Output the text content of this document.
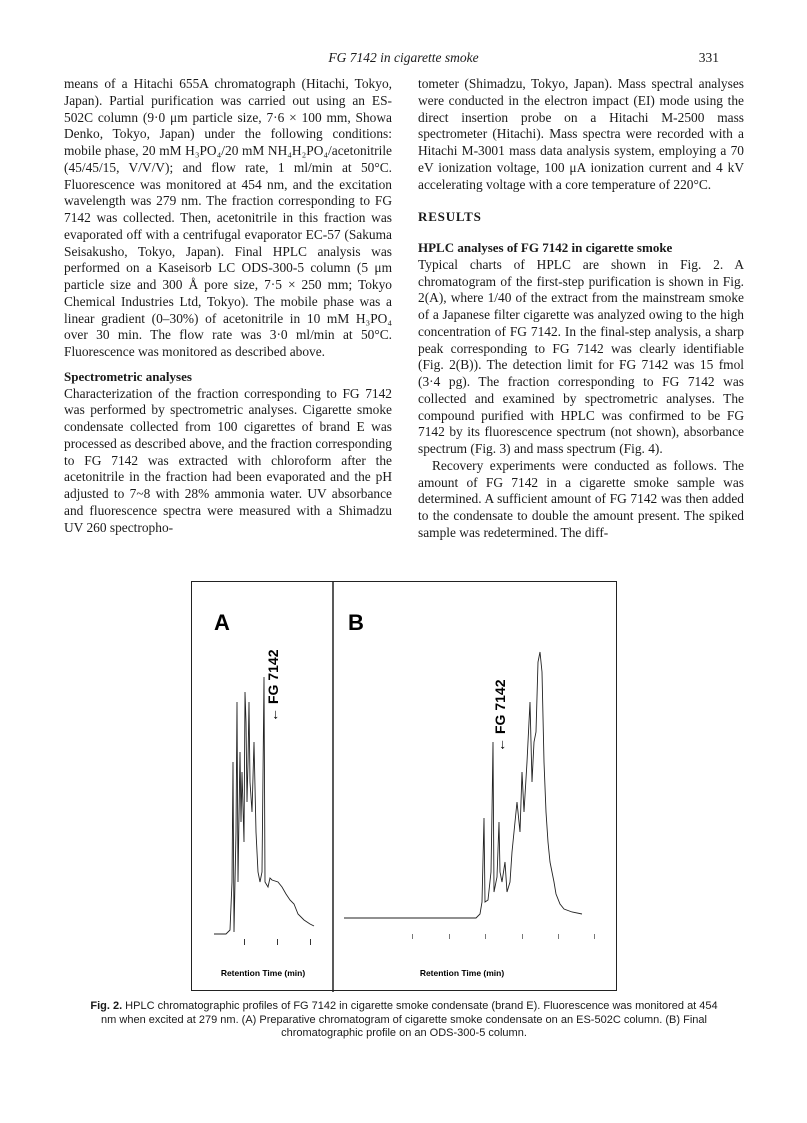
FG 7142 in cigarette smoke	331

means of a Hitachi 655A chromatograph (Hitachi, Tokyo, Japan). Partial purification was carried out using an ES-502C column (9·0 μm particle size, 7·6 × 100 mm, Showa Denko, Tokyo, Japan) under the following conditions: mobile phase, 20 mM H₃PO₄/20 mM NH₄H₂PO₄/acetonitrile (45/45/15, V/V/V); and flow rate, 1 ml/min at 50°C. Fluorescence was monitored at 454 nm, and the excitation wavelength was 279 nm. The fraction corresponding to FG 7142 was collected. Then, acetonitrile in this fraction was evaporated off with a centrifugal evaporator EC-57 (Sakuma Seisakusho, Tokyo, Japan). Final HPLC analysis was performed on a Kaseisorb LC ODS-300-5 column (5 μm particle size and 300 Å pore size, 7·5 × 250 mm; Tokyo Chemical Industries Ltd, Tokyo). The mobile phase was a linear gradient (0–30%) of acetonitrile in 10 mM H₃PO₄ over 30 min. The flow rate was 3·0 ml/min at 50°C. Fluorescence was monitored as described above.

Spectrometric analyses

Characterization of the fraction corresponding to FG 7142 was performed by spectrometric analyses. Cigarette smoke condensate collected from 100 cigarettes of brand E was processed as described above, and the fraction corresponding to FG 7142 was extracted with chloroform after the acetonitrile in the fraction had been evaporated and the pH adjusted to 7~8 with 28% ammonia water. UV absorbance and fluorescence spectra were measured with a Shimadzu UV 260 spectropho-

tometer (Shimadzu, Tokyo, Japan). Mass spectral analyses were conducted in the electron impact (EI) mode using the direct insertion probe on a Hitachi M-2500 mass spectrometer (Hitachi). Mass spectra were recorded with a Hitachi M-3001 mass data analysis system, employing a 70 eV ionization voltage, 100 μA ionization current and 4 kV accelerating voltage with a core temperature of 220°C.

RESULTS

HPLC analyses of FG 7142 in cigarette smoke

Typical charts of HPLC are shown in Fig. 2. A chromatogram of the first-step purification is shown in Fig. 2(A), where 1/40 of the extract from the mainstream smoke of a Japanese filter cigarette was analyzed owing to the high concentration of FG 7142. In the final-step analysis, a sharp peak corresponding to FG 7142 was clearly identifiable (Fig. 2(B)). The detection limit for FG 7142 was 15 fmol (3·4 pg). The fraction corresponding to FG 7142 was collected and examined by spectrometric analyses. The compound purified with HPLC was confirmed to be FG 7142 by its fluorescence spectrum (not shown), absorbance spectrum (Fig. 3) and mass spectrum (Fig. 4).

Recovery experiments were conducted as follows. The amount of FG 7142 in a cigarette smoke sample was determined. A sufficient amount of FG 7142 was then added to the condensate to double the amount present. The spiked sample was redetermined. The diff-

A	B
←
FG 7142
←
FG 7142
Retention Time (min)	Retention Time (min)
Fig. 2. HPLC chromatographic profiles of FG 7142 in cigarette smoke condensate (brand E). Fluorescence was monitored at 454 nm when excited at 279 nm. (A) Preparative chromatogram of cigarette smoke condensate on an ES-502C column. (B) Final chromatographic profile on an ODS-300-5 column.
